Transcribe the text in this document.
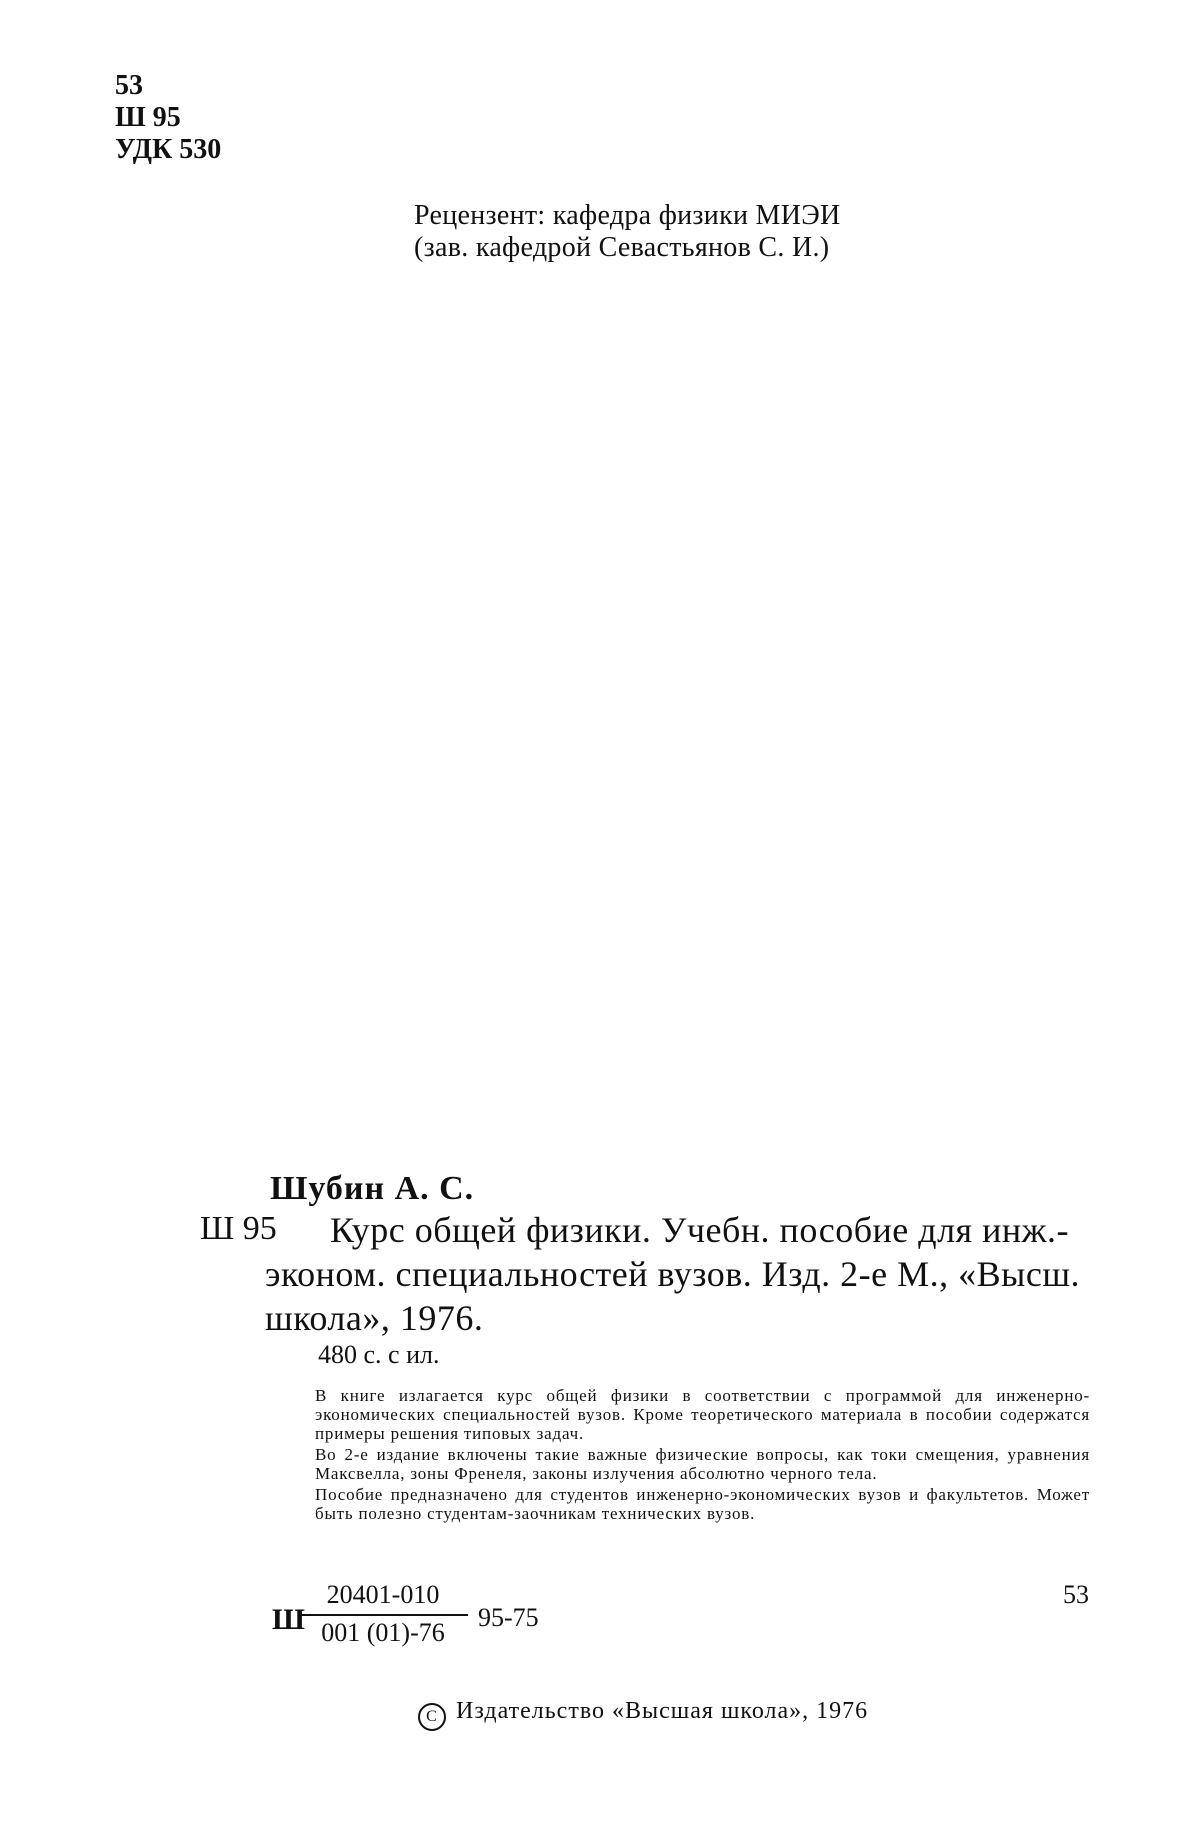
53
Ш 95
УДК 530
Рецензент: кафедра физики МИЭИ
(зав. кафедрой Севастьянов С. И.)
Шубин А. С.
Ш 95	Курс общей физики. Учебн. пособие для инж.-
эконом. специальностей вузов. Изд. 2-е М., «Высш.
школа», 1976.
480 с. с ил.

В книге излагается курс общей физики в соответствии с программой для инженерно-экономических специальностей вузов. Кроме теоретического материала в пособии содержатся примеры решения типовых задач.

Во 2-е издание включены такие важные физические вопросы, как токи смещения, уравнения Максвелла, зоны Френеля, законы излучения абсолютно черного тела.

Пособие предназначено для студентов инженерно-экономических вузов и факультетов. Может быть полезно студентам-заочникам технических вузов.

Ш
$\frac{20401-010}{001 (01)-76} 95-75$
53
C Издательство «Высшая школа», 1976
